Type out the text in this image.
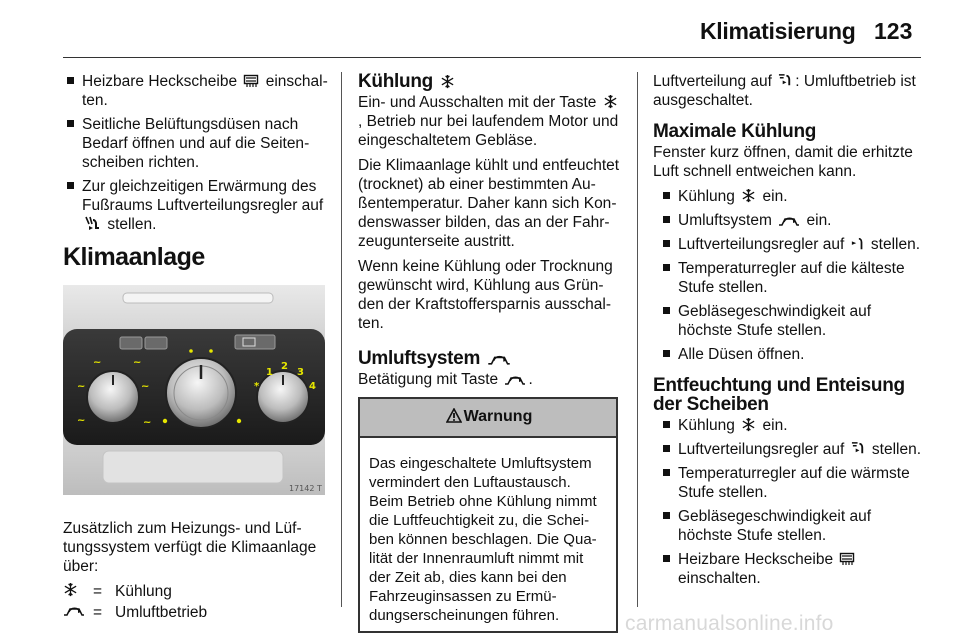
Klimatisierung 123
Heizbare Heckscheibe einschalten.
Seitliche Belüftungsdüsen nach Bedarf öffnen und auf die Seitenscheiben richten.
Zur gleichzeitigen Erwärmung des Fußraums Luftverteilungsregler auf  stellen.
Klimaanlage
~	~
~	~
~	~
*
1
2
3
4
17142 T

Zusätzlich zum Heizungs- und Lüftungssystem verfügt die Klimaanlage über:

= Kühlung
= Umluftbetrieb
Kühlung

Ein- und Ausschalten mit der Taste , Betrieb nur bei laufendem Motor und eingeschaltetem Gebläse.

Die Klimaanlage kühlt und entfeuchtet (trocknet) ab einer bestimmten Außentemperatur. Daher kann sich Kondenswasser bilden, das an der Fahrzeugunterseite austritt.

Wenn keine Kühlung oder Trocknung gewünscht wird, Kühlung aus Gründen der Kraftstoffersparnis ausschalten.

Umluftsystem

Betätigung mit Taste .

Warnung
Das eingeschaltete Umluftsystem vermindert den Luftaustausch. Beim Betrieb ohne Kühlung nimmt die Luftfeuchtigkeit zu, die Scheiben können beschlagen. Die Qualität der Innenraumluft nimmt mit der Zeit ab, dies kann bei den Fahrzeuginsassen zu Ermüdungserscheinungen führen.

Luftverteilung auf : Umluftbetrieb ist ausgeschaltet.

Maximale Kühlung

Fenster kurz öffnen, damit die erhitzte Luft schnell entweichen kann.

Kühlung ein.
Umluftsystem ein.
Luftverteilungsregler auf stellen.
Temperaturregler auf die kälteste Stufe stellen.
Gebläsegeschwindigkeit auf höchste Stufe stellen.
Alle Düsen öffnen.
Entfeuchtung und Enteisung der Scheiben
Kühlung ein.
Luftverteilungsregler auf stellen.
Temperaturregler auf die wärmste Stufe stellen.
Gebläsegeschwindigkeit auf höchste Stufe stellen.
Heizbare Heckscheibe  einschalten.
carmanualsonline.info
